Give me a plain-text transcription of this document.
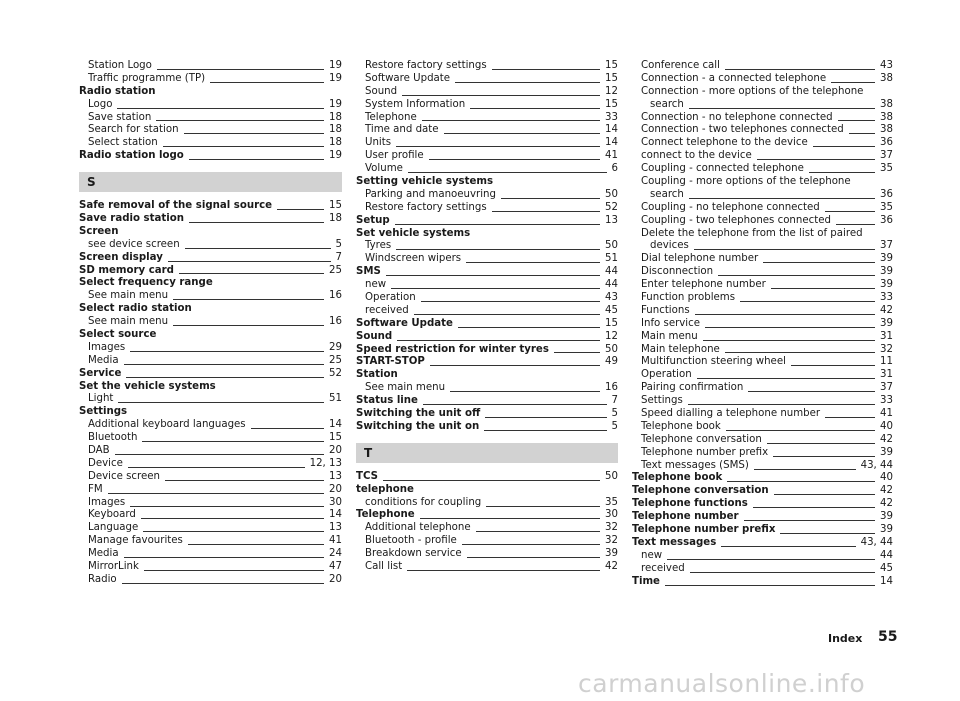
Station Logo	19
Traffic programme (TP)	19
Radio station
Logo	19
Save station	18
Search for station	18
Select station	18
Radio station logo	19
S
Safe removal of the signal source	15
Save radio station	18
Screen
see device screen	5
Screen display	7
SD memory card	25
Select frequency range
See main menu	16
Select radio station
See main menu	16
Select source
Images	29
Media	25
Service	52
Set the vehicle systems
Light	51
Settings
Additional keyboard languages	14
Bluetooth	15
DAB	20
Device	12, 13
Device screen	13
FM	20
Images	30
Keyboard	14
Language	13
Manage favourites	41
Media	24
MirrorLink	47
Radio	20
Restore factory settings	15
Software Update	15
Sound	12
System Information	15
Telephone	33
Time and date	14
Units	14
User profile	41
Volume	6
Setting vehicle systems
Parking and manoeuvring	50
Restore factory settings	52
Setup	13
Set vehicle systems
Tyres	50
Windscreen wipers	51
SMS	44
new	44
Operation	43
received	45
Software Update	15
Sound	12
Speed restriction for winter tyres	50
START-STOP	49
Station
See main menu	16
Status line	7
Switching the unit off	5
Switching the unit on	5
T
TCS	50
telephone
conditions for coupling	35
Telephone	30
Additional telephone	32
Bluetooth - profile	32
Breakdown service	39
Call list	42
Conference call	43
Connection - a connected telephone	38
Connection - more options of the telephone
search	38
Connection - no telephone connected	38
Connection - two telephones connected	38
Connect telephone to the device	36
connect to the device	37
Coupling - connected telephone	35
Coupling - more options of the telephone
search	36
Coupling - no telephone connected	35
Coupling - two telephones connected	36
Delete the telephone from the list of paired
devices	37
Dial telephone number	39
Disconnection	39
Enter telephone number	39
Function problems	33
Functions	42
Info service	39
Main menu	31
Main telephone	32
Multifunction steering wheel	11
Operation	31
Pairing confirmation	37
Settings	33
Speed dialling a telephone number	41
Telephone book	40
Telephone conversation	42
Telephone number prefix	39
Text messages (SMS)	43, 44
Telephone book	40
Telephone conversation	42
Telephone functions	42
Telephone number	39
Telephone number prefix	39
Text messages	43, 44
new	44
received	45
Time	14
Index 55
carmanualsonline.info
